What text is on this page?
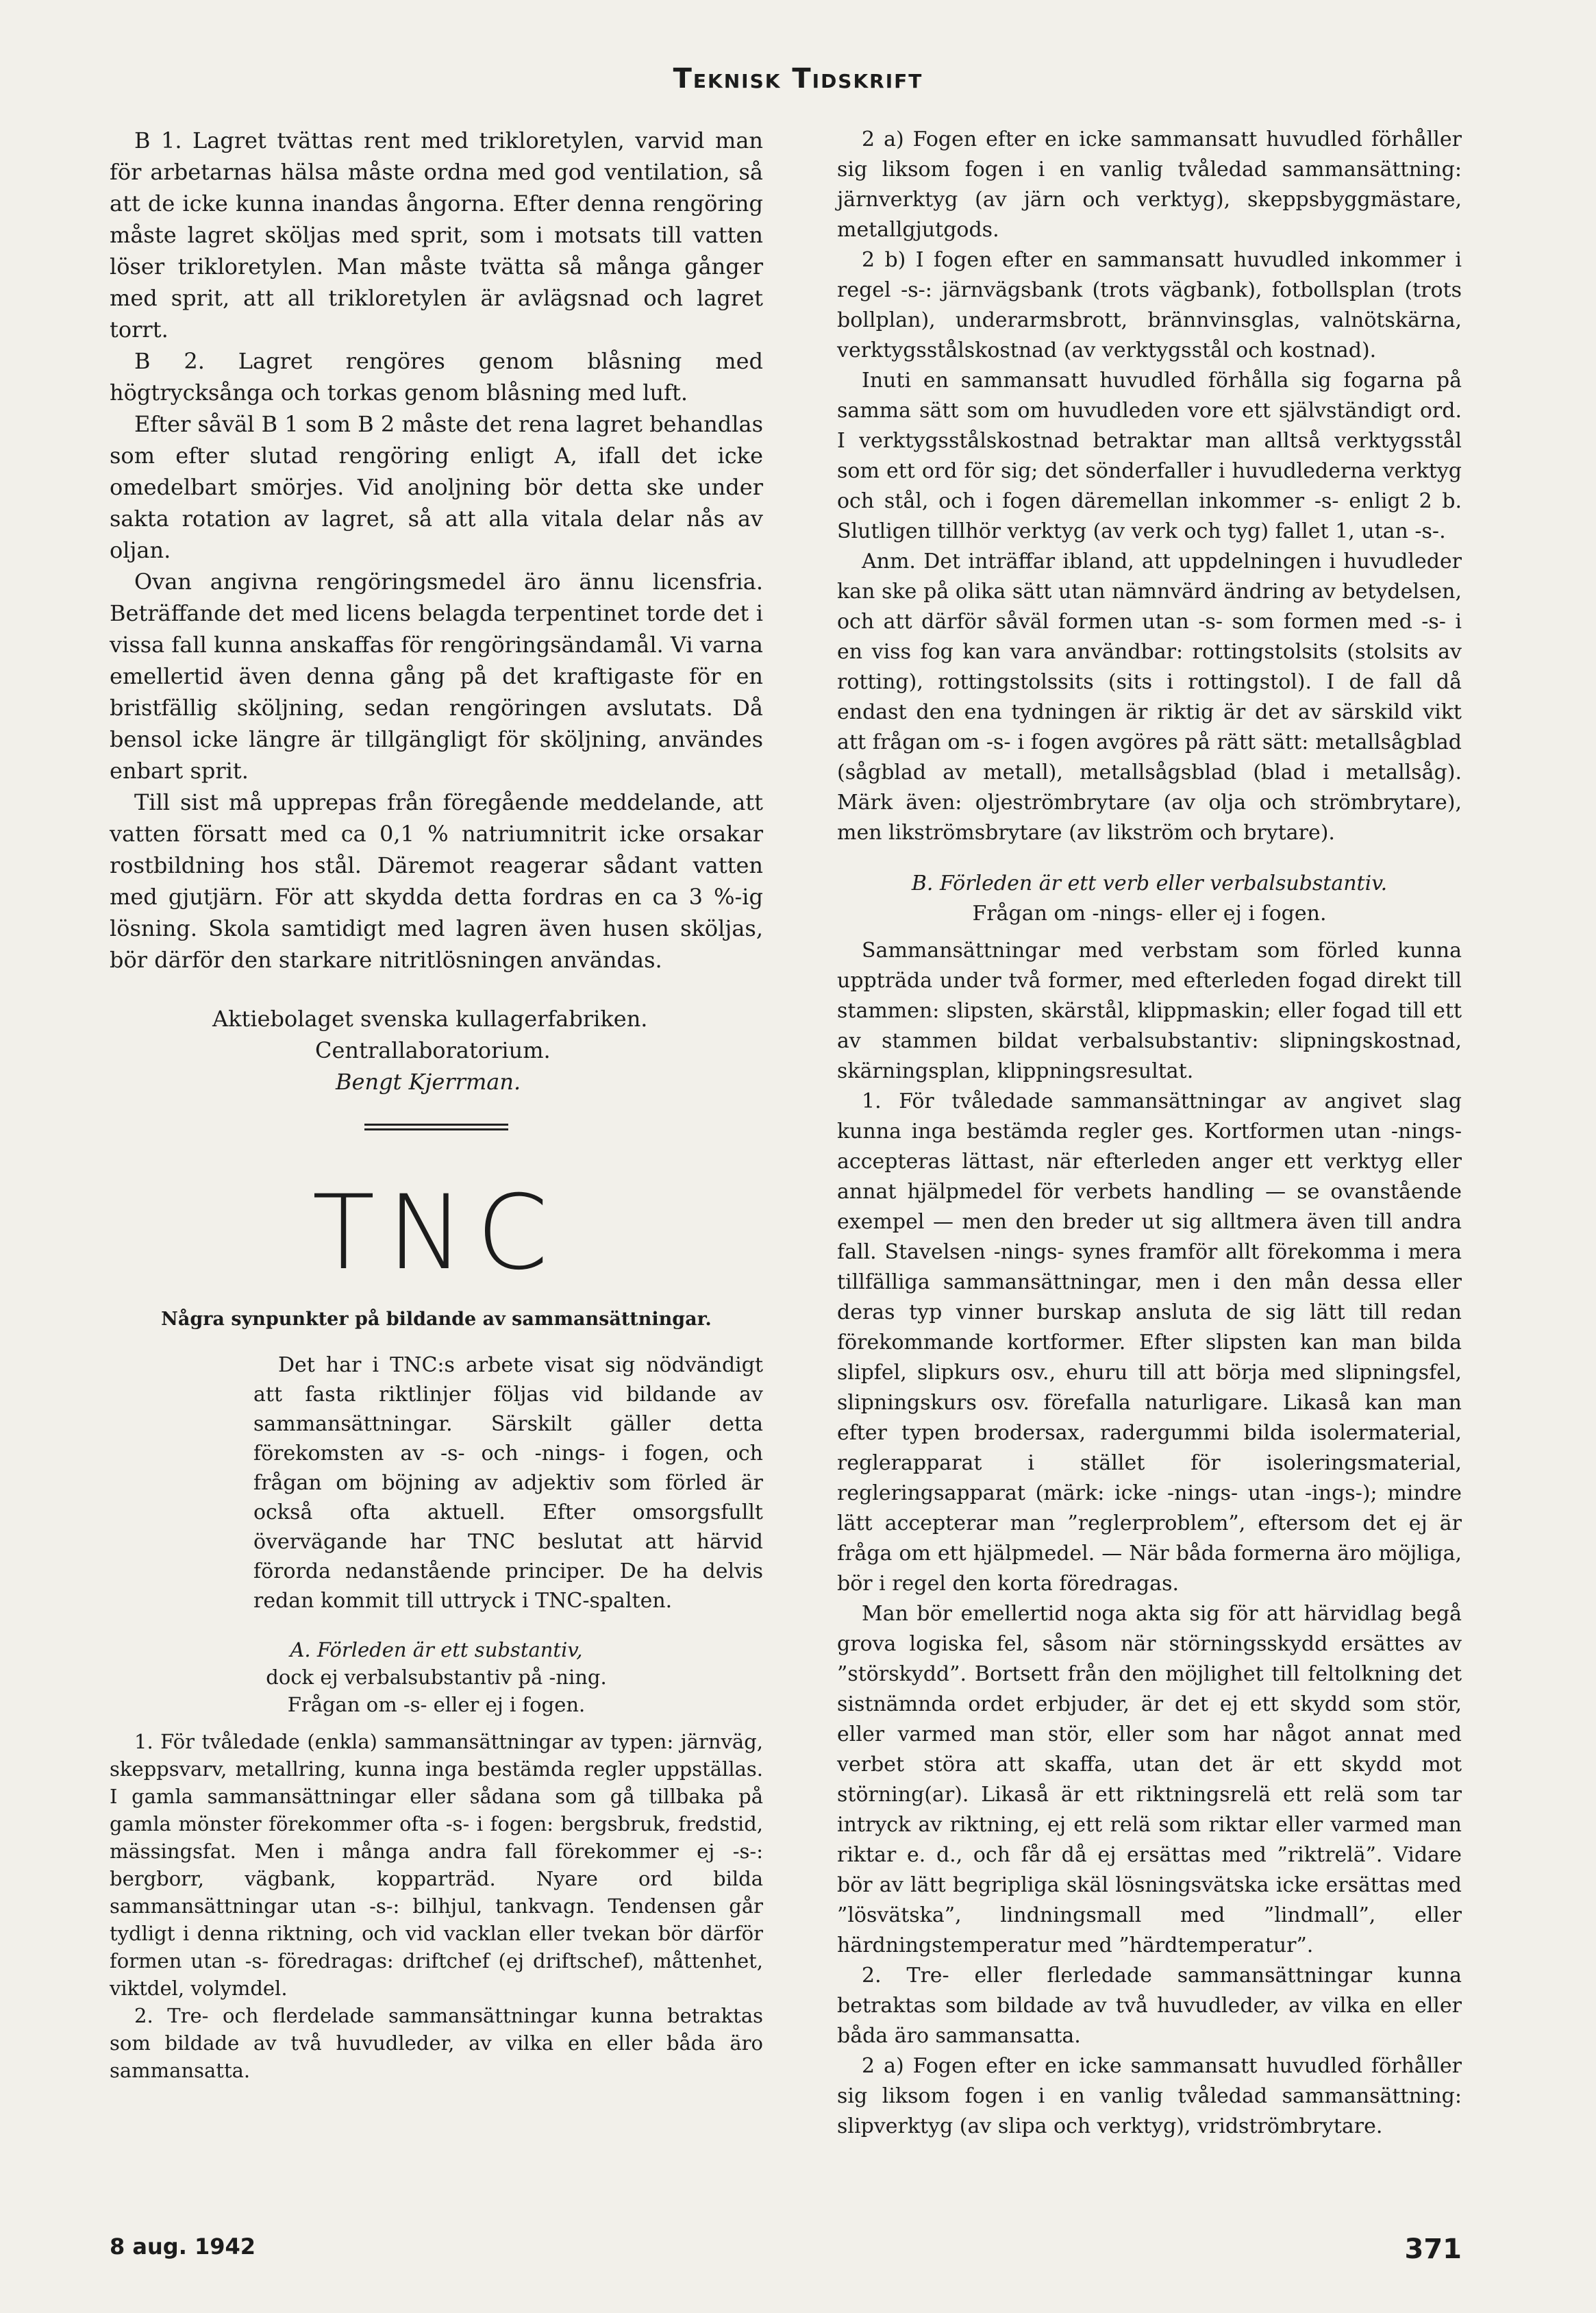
Teknisk Tidskrift

B 1. Lagret tvättas rent med trikloretylen, varvid man för arbetarnas hälsa måste ordna med god ventilation, så att de icke kunna inandas ångorna. Efter denna rengöring måste lagret sköljas med sprit, som i motsats till vatten löser trikloretylen. Man måste tvätta så många gånger med sprit, att all trikloretylen är avlägsnad och lagret torrt.

B 2. Lagret rengöres genom blåsning med högtrycksånga och torkas genom blåsning med luft.

Efter såväl B 1 som B 2 måste det rena lagret behandlas som efter slutad rengöring enligt A, ifall det icke omedelbart smörjes. Vid anoljning bör detta ske under sakta rotation av lagret, så att alla vitala delar nås av oljan.

Ovan angivna rengöringsmedel äro ännu licensfria. Beträffande det med licens belagda terpentinet torde det i vissa fall kunna anskaffas för rengöringsändamål. Vi varna emellertid även denna gång på det kraftigaste för en bristfällig sköljning, sedan rengöringen avslutats. Då bensol icke längre är tillgängligt för sköljning, användes enbart sprit.

Till sist må upprepas från föregående meddelande, att vatten försatt med ca 0,1 % natriumnitrit icke orsakar rostbildning hos stål. Däremot reagerar sådant vatten med gjutjärn. För att skydda detta fordras en ca 3 %-ig lösning. Skola samtidigt med lagren även husen sköljas, bör därför den starkare nitritlösningen användas.

Aktiebolaget svenska kullagerfabriken.
Centrallaboratorium.
Bengt Kjerrman.
TNC
Några synpunkter på bildande av sammansättningar.

Det har i TNC:s arbete visat sig nödvändigt att fasta riktlinjer följas vid bildande av sammansättningar. Särskilt gäller detta förekomsten av -s- och -nings- i fogen, och frågan om böjning av adjektiv som förled är också ofta aktuell. Efter omsorgsfullt övervägande har TNC beslutat att härvid förorda nedanstående principer. De ha delvis redan kommit till uttryck i TNC-spalten.

A. Förleden är ett substantiv,

dock ej verbalsubstantiv på -ning.

Frågan om -s- eller ej i fogen.

1. För tvåledade (enkla) sammansättningar av typen: järnväg, skeppsvarv, metallring, kunna inga bestämda regler uppställas. I gamla sammansättningar eller sådana som gå tillbaka på gamla mönster förekommer ofta -s- i fogen: bergsbruk, fredstid, mässingsfat. Men i många andra fall förekommer ej -s-: bergborr, vägbank, kopparträd. Nyare ord bilda sammansättningar utan -s-: bilhjul, tankvagn. Tendensen går tydligt i denna riktning, och vid vacklan eller tvekan bör därför formen utan -s- föredragas: driftchef (ej driftschef), måttenhet, viktdel, volymdel.

2. Tre- och flerdelade sammansättningar kunna betraktas som bildade av två huvudleder, av vilka en eller båda äro sammansatta.

2 a) Fogen efter en icke sammansatt huvudled förhåller sig liksom fogen i en vanlig tvåledad sammansättning: järnverktyg (av järn och verktyg), skeppsbyggmästare, metallgjutgods.

2 b) I fogen efter en sammansatt huvudled inkommer i regel -s-: järnvägsbank (trots vägbank), fotbollsplan (trots bollplan), underarmsbrott, brännvinsglas, valnötskärna, verktygsstålskostnad (av verktygsstål och kostnad).

Inuti en sammansatt huvudled förhålla sig fogarna på samma sätt som om huvudleden vore ett självständigt ord. I verktygsstålskostnad betraktar man alltså verktygsstål som ett ord för sig; det sönderfaller i huvudlederna verktyg och stål, och i fogen däremellan inkommer -s- enligt 2 b. Slutligen tillhör verktyg (av verk och tyg) fallet 1, utan -s-.

Anm. Det inträffar ibland, att uppdelningen i huvudleder kan ske på olika sätt utan nämnvärd ändring av betydelsen, och att därför såväl formen utan -s- som formen med -s- i en viss fog kan vara användbar: rottingstolsits (stolsits av rotting), rottingstolssits (sits i rottingstol). I de fall då endast den ena tydningen är riktig är det av särskild vikt att frågan om -s- i fogen avgöres på rätt sätt: metallsågblad (sågblad av metall), metallsågsblad (blad i metallsåg). Märk även: oljeströmbrytare (av olja och strömbrytare), men likströmsbrytare (av likström och brytare).

B. Förleden är ett verb eller verbalsubstantiv.

Frågan om -nings- eller ej i fogen.

Sammansättningar med verbstam som förled kunna uppträda under två former, med efterleden fogad direkt till stammen: slipsten, skärstål, klippmaskin; eller fogad till ett av stammen bildat verbalsubstantiv: slipningskostnad, skärningsplan, klippningsresultat.

1. För tvåledade sammansättningar av angivet slag kunna inga bestämda regler ges. Kortformen utan -nings- accepteras lättast, när efterleden anger ett verktyg eller annat hjälpmedel för verbets handling — se ovanstående exempel — men den breder ut sig alltmera även till andra fall. Stavelsen -nings- synes framför allt förekomma i mera tillfälliga sammansättningar, men i den mån dessa eller deras typ vinner burskap ansluta de sig lätt till redan förekommande kortformer. Efter slipsten kan man bilda slipfel, slipkurs osv., ehuru till att börja med slipningsfel, slipningskurs osv. förefalla naturligare. Likaså kan man efter typen brodersax, radergummi bilda isolermaterial, reglerapparat i stället för isoleringsmaterial, regleringsapparat (märk: icke -nings- utan -ings-); mindre lätt accepterar man ”reglerproblem”, eftersom det ej är fråga om ett hjälpmedel. — När båda formerna äro möjliga, bör i regel den korta föredragas.

Man bör emellertid noga akta sig för att härvidlag begå grova logiska fel, såsom när störningsskydd ersättes av ”störskydd”. Bortsett från den möjlighet till feltolkning det sistnämnda ordet erbjuder, är det ej ett skydd som stör, eller varmed man stör, eller som har något annat med verbet störa att skaffa, utan det är ett skydd mot störning(ar). Likaså är ett riktningsrelä ett relä som tar intryck av riktning, ej ett relä som riktar eller varmed man riktar e. d., och får då ej ersättas med ”riktrelä”. Vidare bör av lätt begripliga skäl lösningsvätska icke ersättas med ”lösvätska”, lindningsmall med ”lindmall”, eller härdningstemperatur med ”härdtemperatur”.

2. Tre- eller flerledade sammansättningar kunna betraktas som bildade av två huvudleder, av vilka en eller båda äro sammansatta.

2 a) Fogen efter en icke sammansatt huvudled förhåller sig liksom fogen i en vanlig tvåledad sammansättning: slipverktyg (av slipa och verktyg), vridströmbrytare.

8 aug. 1942	371
